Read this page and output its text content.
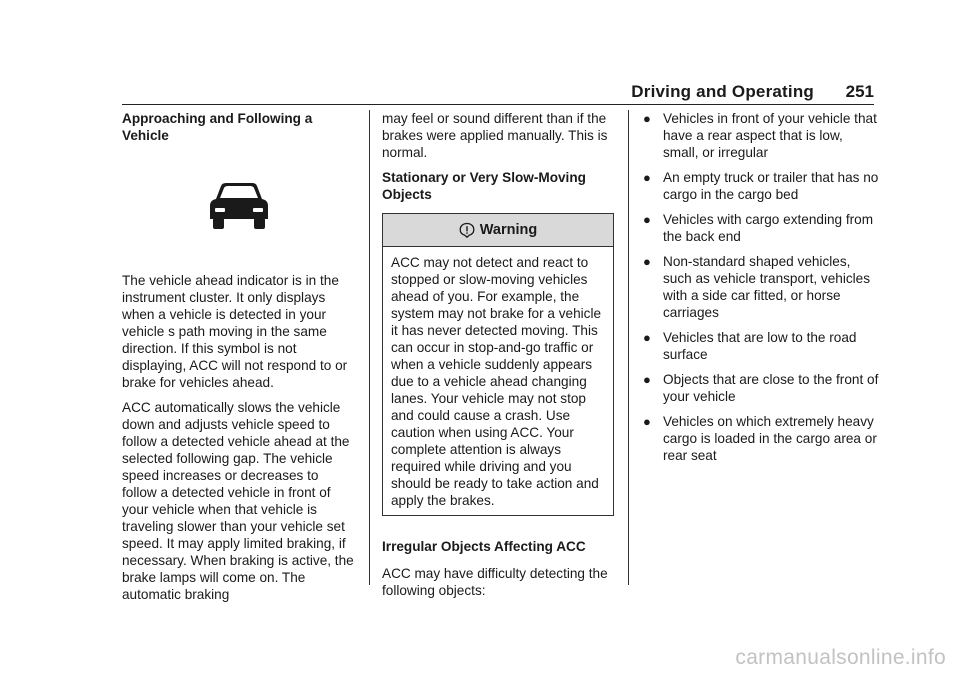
Driving and Operating 251
Approaching and Following a Vehicle

The vehicle ahead indicator is in the instrument cluster. It only displays when a vehicle is detected in your vehicle s path moving in the same direction. If this symbol is not displaying, ACC will not respond to or brake for vehicles ahead.

ACC automatically slows the vehicle down and adjusts vehicle speed to follow a detected vehicle ahead at the selected following gap. The vehicle speed increases or decreases to follow a detected vehicle in front of your vehicle when that vehicle is traveling slower than your vehicle set speed. It may apply limited braking, if necessary. When braking is active, the brake lamps will come on. The automatic braking

may feel or sound different than if the brakes were applied manually. This is normal.

Stationary or Very Slow-Moving Objects
Warning
ACC may not detect and react to stopped or slow-moving vehicles ahead of you. For example, the system may not brake for a vehicle it has never detected moving. This can occur in stop-and-go traffic or when a vehicle suddenly appears due to a vehicle ahead changing lanes. Your vehicle may not stop and could cause a crash. Use caution when using ACC. Your complete attention is always required while driving and you should be ready to take action and apply the brakes.
Irregular Objects Affecting ACC

ACC may have difficulty detecting the following objects:

● Vehicles in front of your vehicle that have a rear aspect that is low, small, or irregular
● An empty truck or trailer that has no cargo in the cargo bed
● Vehicles with cargo extending from the back end
● Non-standard shaped vehicles, such as vehicle transport, vehicles with a side car fitted, or horse carriages
● Vehicles that are low to the road surface
● Objects that are close to the front of your vehicle
● Vehicles on which extremely heavy cargo is loaded in the cargo area or rear seat
carmanualsonline.info
